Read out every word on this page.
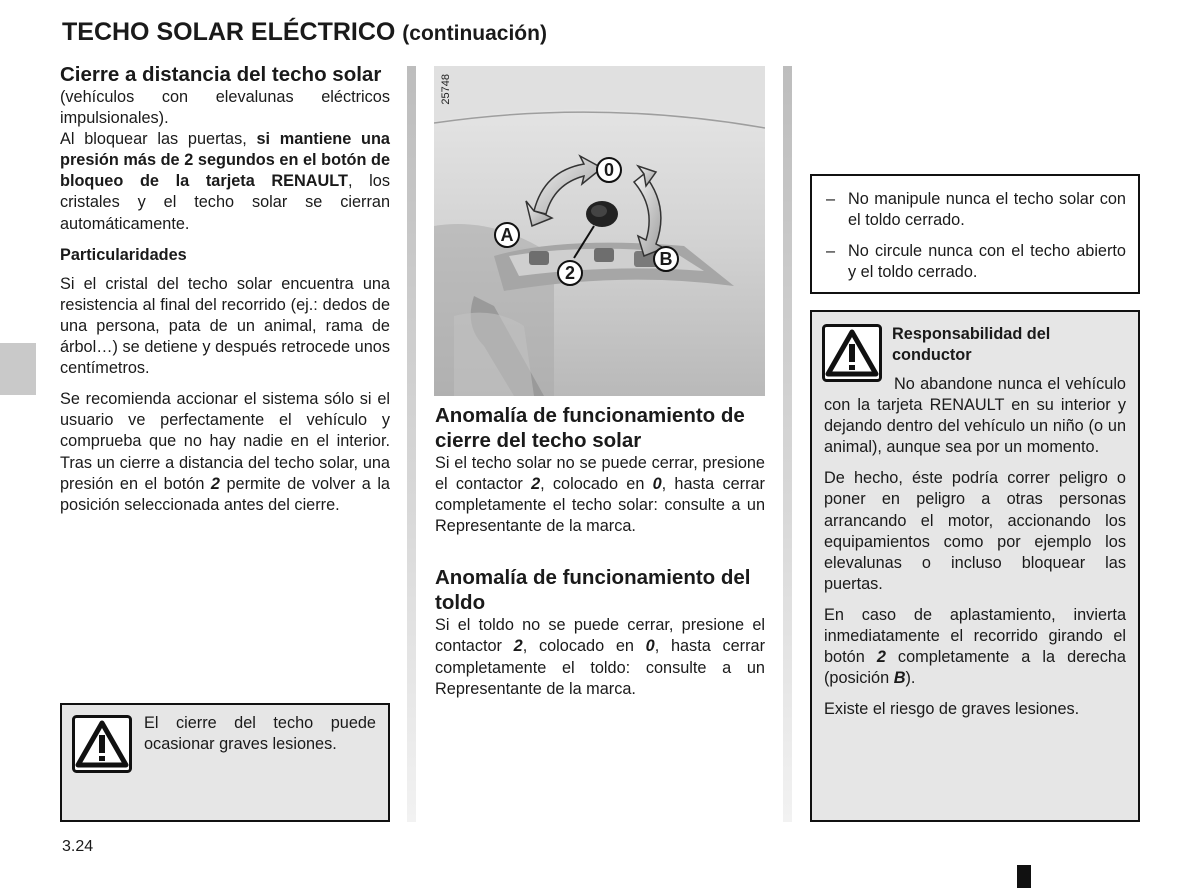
TECHO SOLAR ELÉCTRICO (continuación)
Cierre a distancia del techo solar

(vehículos con elevalunas eléctricos impulsionales).

Al bloquear las puertas, si mantiene una presión más de 2 segundos en el botón de bloqueo de la tarjeta RENAULT, los cristales y el techo solar se cierran automáticamente.

Particularidades

Si el cristal del techo solar encuentra una resistencia al final del recorrido (ej.: dedos de una persona, pata de un animal, rama de árbol…) se detiene y después retrocede unos centímetros.

Se recomienda accionar el sistema sólo si el usuario ve perfectamente el vehículo y comprueba que no hay nadie en el interior. Tras un cierre a distancia del techo solar, una presión en el botón 2 permite de volver a la posición seleccionada antes del cierre.

El cierre del techo puede ocasionar graves lesiones.
25748
0
A
B
2
Anomalía de funcionamiento de cierre del techo solar

Si el techo solar no se puede cerrar, presione el contactor 2, colocado en 0, hasta cerrar completamente el techo solar: consulte a un Representante de la marca.

Anomalía de funcionamiento del toldo

Si el toldo no se puede cerrar, presione el contactor 2, colocado en 0, hasta cerrar completamente el toldo: consulte a un Representante de la marca.

– No manipule nunca el techo solar con el toldo cerrado.
– No circule nunca con el techo abierto y el toldo cerrado.
Responsabilidad del conductor

No abandone nunca el vehículo con la tarjeta RENAULT en su interior y dejando dentro del vehículo un niño (o un animal), aunque sea por un momento.

De hecho, éste podría correr peligro o poner en peligro a otras personas arrancando el motor, accionando los equipamientos como por ejemplo los elevalunas o incluso bloquear las puertas.

En caso de aplastamiento, invierta inmediatamente el recorrido girando el botón 2 completamente a la derecha (posición B).

Existe el riesgo de graves lesiones.

3.24
